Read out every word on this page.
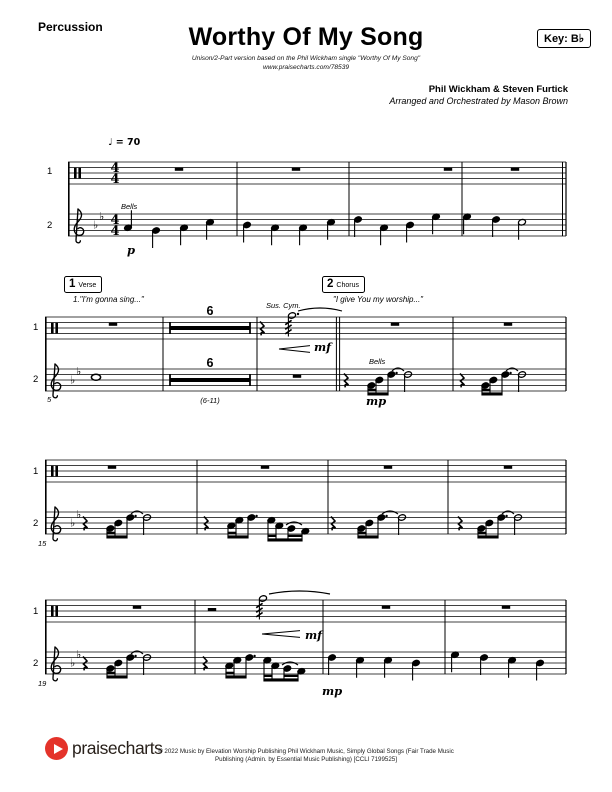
Percussion	Worthy Of My Song
Unison/2-Part version based on the Phil Wickham single "Worthy Of My Song"
www.praisecharts.com/78539
Key: B♭
Phil Wickham & Steven Furtick
Arranged and Orchestrated by Mason Brown
4
4
♭
♭ 4
4
♭
♭
♭
♭
♭
♭
1
2
♩ = 70
Bells
p
1
2
1 Verse
1."I'm gonna sing..."
Sus. Cym.
2 Chorus
"I give You my worship..."
mf
Bells
mp
6
6
(6-11)
5
1
2
15
1
2
mf
mp
19
praisecharts
© 2022 Music by Elevation Worship Publishing Phil Wickham Music, Simply Global Songs (Fair Trade Music
Publishing (Admin. by Essential Music Publishing) [CCLI 7199525]
